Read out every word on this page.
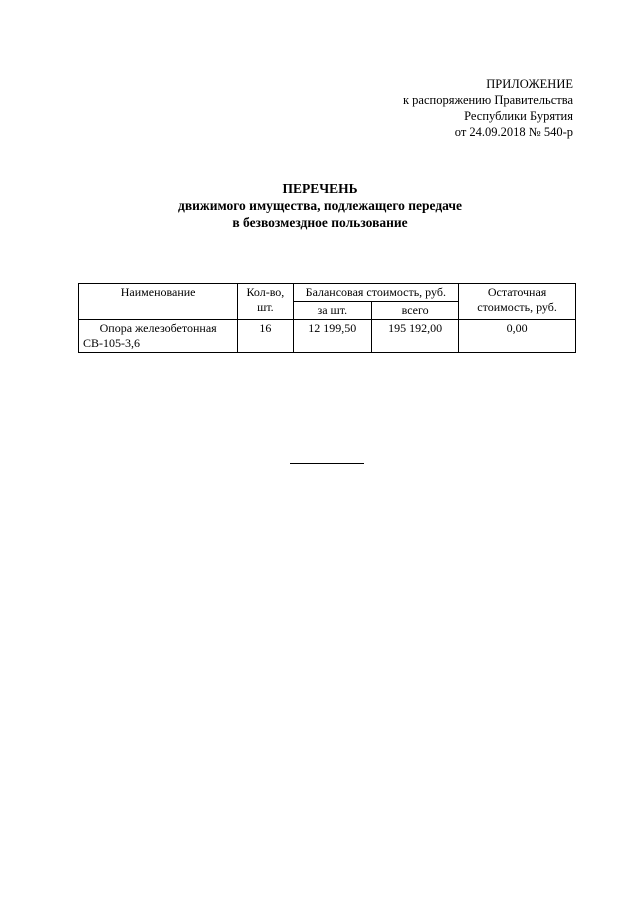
ПРИЛОЖЕНИЕ
к распоряжению Правительства
Республики Бурятия
от 24.09.2018 № 540-р
ПЕРЕЧЕНЬ
движимого имущества, подлежащего передаче
в безвозмездное пользование
Наименование	Кол-во, шт.	Балансовая стоимость, руб.		Остаточная стоимость, руб.
		за шт.	всего	
Опора железобетонная СВ-105-3,6	16	12 199,50	195 192,00	0,00
